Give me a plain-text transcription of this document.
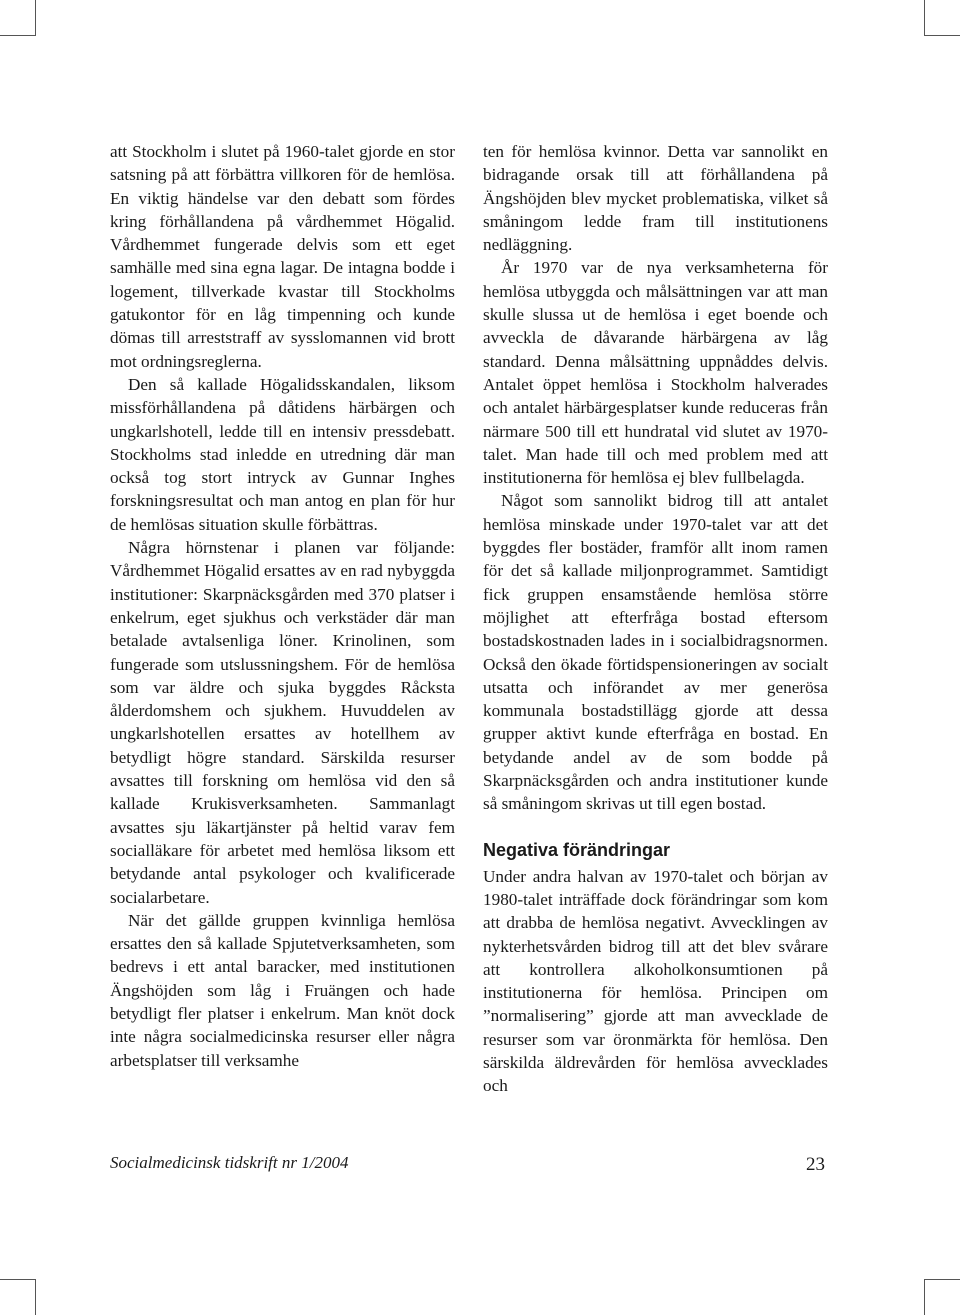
att Stockholm i slutet på 1960-talet gjorde en stor satsning på att förbättra villkoren för de hemlösa. En viktig händelse var den debatt som fördes kring förhållandena på vårdhemmet Högalid. Vårdhemmet fungerade delvis som ett eget samhälle med sina egna lagar. De intagna bodde i logement, tillverkade kvastar till Stockholms gatukontor för en låg timpenning och kunde dömas till arreststraff av sysslomannen vid brott mot ordningsreglerna.

Den så kallade Högalidsskandalen, liksom missförhållandena på dåtidens härbärgen och ungkarlshotell, ledde till en intensiv pressdebatt. Stockholms stad inledde en utredning där man också tog stort intryck av Gunnar Inghes forskningsresultat och man antog en plan för hur de hemlösas situation skulle förbättras.

Några hörnstenar i planen var följande: Vårdhemmet Högalid ersattes av en rad nybyggda institutioner: Skarpnäcksgården med 370 platser i enkelrum, eget sjukhus och verkstäder där man betalade avtalsenliga löner. Krinolinen, som fungerade som utslussningshem. För de hemlösa som var äldre och sjuka byggdes Råcksta ålderdomshem och sjukhem. Huvuddelen av ungkarlshotellen ersattes av hotellhem av betydligt högre standard. Särskilda resurser avsattes till forskning om hemlösa vid den så kallade Krukisverksamheten. Sammanlagt avsattes sju läkartjänster på heltid varav fem socialläkare för arbetet med hemlösa liksom ett betydande antal psykologer och kvalificerade socialarbetare.

När det gällde gruppen kvinnliga hemlösa ersattes den så kallade Spjutetverksamheten, som bedrevs i ett antal baracker, med institutionen Ängshöjden som låg i Fruängen och hade betydligt fler platser i enkelrum. Man knöt dock inte några socialmedicinska resurser eller några arbetsplatser till verksamhe

ten för hemlösa kvinnor. Detta var sannolikt en bidragande orsak till att förhållandena på Ängshöjden blev mycket problematiska, vilket så småningom ledde fram till institutionens nedläggning.

År 1970 var de nya verksamheterna för hemlösa utbyggda och målsättningen var att man skulle slussa ut de hemlösa i eget boende och avveckla de dåvarande härbärgena av låg standard. Denna målsättning uppnåddes delvis. Antalet öppet hemlösa i Stockholm halverades och antalet härbärgesplatser kunde reduceras från närmare 500 till ett hundratal vid slutet av 1970-talet. Man hade till och med problem med att institutionerna för hemlösa ej blev fullbelagda.

Något som sannolikt bidrog till att antalet hemlösa minskade under 1970-talet var att det byggdes fler bostäder, framför allt inom ramen för det så kallade miljonprogrammet. Samtidigt fick gruppen ensamstående hemlösa större möjlighet att efterfråga bostad eftersom bostadskostnaden lades in i socialbidragsnormen. Också den ökade förtidspensioneringen av socialt utsatta och införandet av mer generösa kommunala bostadstillägg gjorde att dessa grupper aktivt kunde efterfråga en bostad. En betydande andel av de som bodde på Skarpnäcksgården och andra institutioner kunde så småningom skrivas ut till egen bostad.

Negativa förändringar

Under andra halvan av 1970-talet och början av 1980-talet inträffade dock förändringar som kom att drabba de hemlösa negativt. Avvecklingen av nykterhetsvården bidrog till att det blev svårare att kontrollera alkoholkonsumtionen på institutionerna för hemlösa. Principen om ”normalisering” gjorde att man avvecklade de resurser som var öronmärkta för hemlösa. Den särskilda äldrevården för hemlösa avvecklades och

Socialmedicinsk tidskrift nr 1/2004	23
